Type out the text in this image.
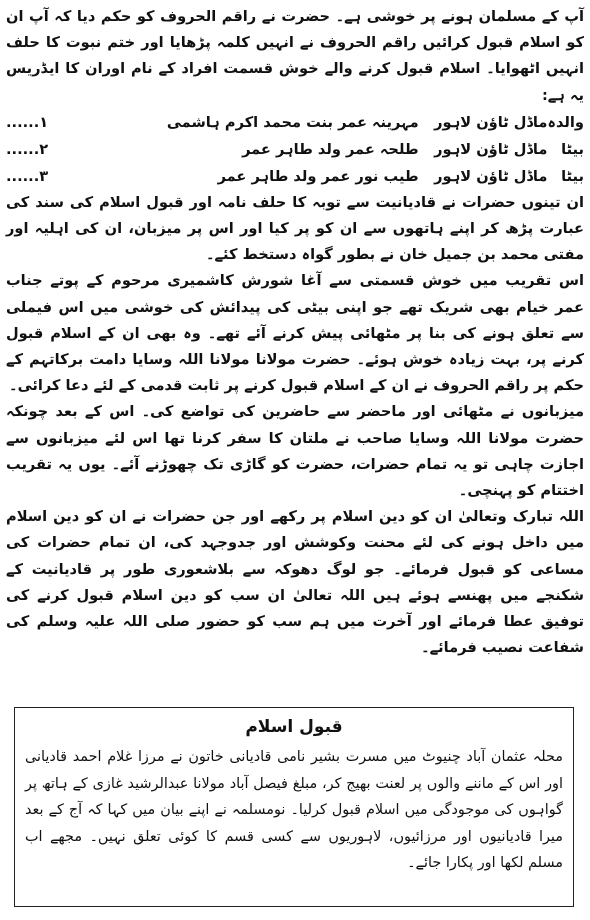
آپ کے مسلمان ہونے پر خوشی ہے۔ حضرت نے راقم الحروف کو حکم دیا کہ آپ ان کو اسلام قبول کرائیں راقم الحروف نے انہیں کلمہ پڑھایا اور ختم نبوت کا حلف انہیں اٹھوایا۔ اسلام قبول کرنے والے خوش قسمت افراد کے نام اوران کا ایڈریس یہ ہے:

والدہ	ماڈل ٹاؤن لاہور	مہرینہ عمر بنت محمد اکرم ہاشمی	۱......
بیٹا	ماڈل ٹاؤن لاہور	طلحہ عمر ولد طاہر عمر	۲......
بیٹا	ماڈل ٹاؤن لاہور	طیب نور عمر ولد طاہر عمر	۳......

ان تینوں حضرات نے قادیانیت سے توبہ کا حلف نامہ اور قبول اسلام کی سند کی عبارت پڑھ کر اپنے ہاتھوں سے ان کو پر کیا اور اس پر میزبان، ان کی اہلیہ اور مفتی محمد بن جمیل خان نے بطور گواہ دستخط کئے۔

اس تقریب میں خوش قسمتی سے آغا شورش کاشمیری مرحوم کے پوتے جناب عمر خیام بھی شریک تھے جو اپنی بیٹی کی پیدائش کی خوشی میں اس فیملی سے تعلق ہونے کی بنا پر مٹھائی پیش کرنے آئے تھے۔ وہ بھی ان کے اسلام قبول کرنے پر، بہت زیادہ خوش ہوئے۔ حضرت مولانا مولانا اللہ وسایا دامت برکاتہم کے حکم پر راقم الحروف نے ان کے اسلام قبول کرنے پر ثابت قدمی کے لئے دعا کرائی۔

میزبانوں نے مٹھائی اور ماحضر سے حاضرین کی تواضع کی۔ اس کے بعد چونکہ حضرت مولانا اللہ وسایا صاحب نے ملتان کا سفر کرنا تھا اس لئے میزبانوں سے اجازت چاہی تو یہ تمام حضرات، حضرت کو گاڑی تک چھوڑنے آئے۔ یوں یہ تقریب اختتام کو پہنچی۔

اللہ تبارک وتعالیٰ ان کو دین اسلام پر رکھے اور جن حضرات نے ان کو دین اسلام میں داخل ہونے کی لئے محنت وکوشش اور جدوجہد کی، ان تمام حضرات کی مساعی کو قبول فرمائے۔ جو لوگ دھوکہ سے بلاشعوری طور پر قادیانیت کے شکنجے میں پھنسے ہوئے ہیں اللہ تعالیٰ ان سب کو دین اسلام قبول کرنے کی توفیق عطا فرمائے اور آخرت میں ہم سب کو حضور صلی اللہ علیہ وسلم کی شفاعت نصیب فرمائے۔

قبول اسلام

محلہ عثمان آباد چنیوٹ میں مسرت بشیر نامی قادیانی خاتون نے مرزا غلام احمد قادیانی اور اس کے ماننے والوں پر لعنت بھیج کر، مبلغ فیصل آباد مولانا عبدالرشید غازی کے ہاتھ پر گواہوں کی موجودگی میں اسلام قبول کرلیا۔ نومسلمہ نے اپنے بیان میں کہا کہ آج کے بعد میرا قادیانیوں اور مرزائیوں، لاہوریوں سے کسی قسم کا کوئی تعلق نہیں۔ مجھے اب مسلم لکھا اور پکارا جائے۔
